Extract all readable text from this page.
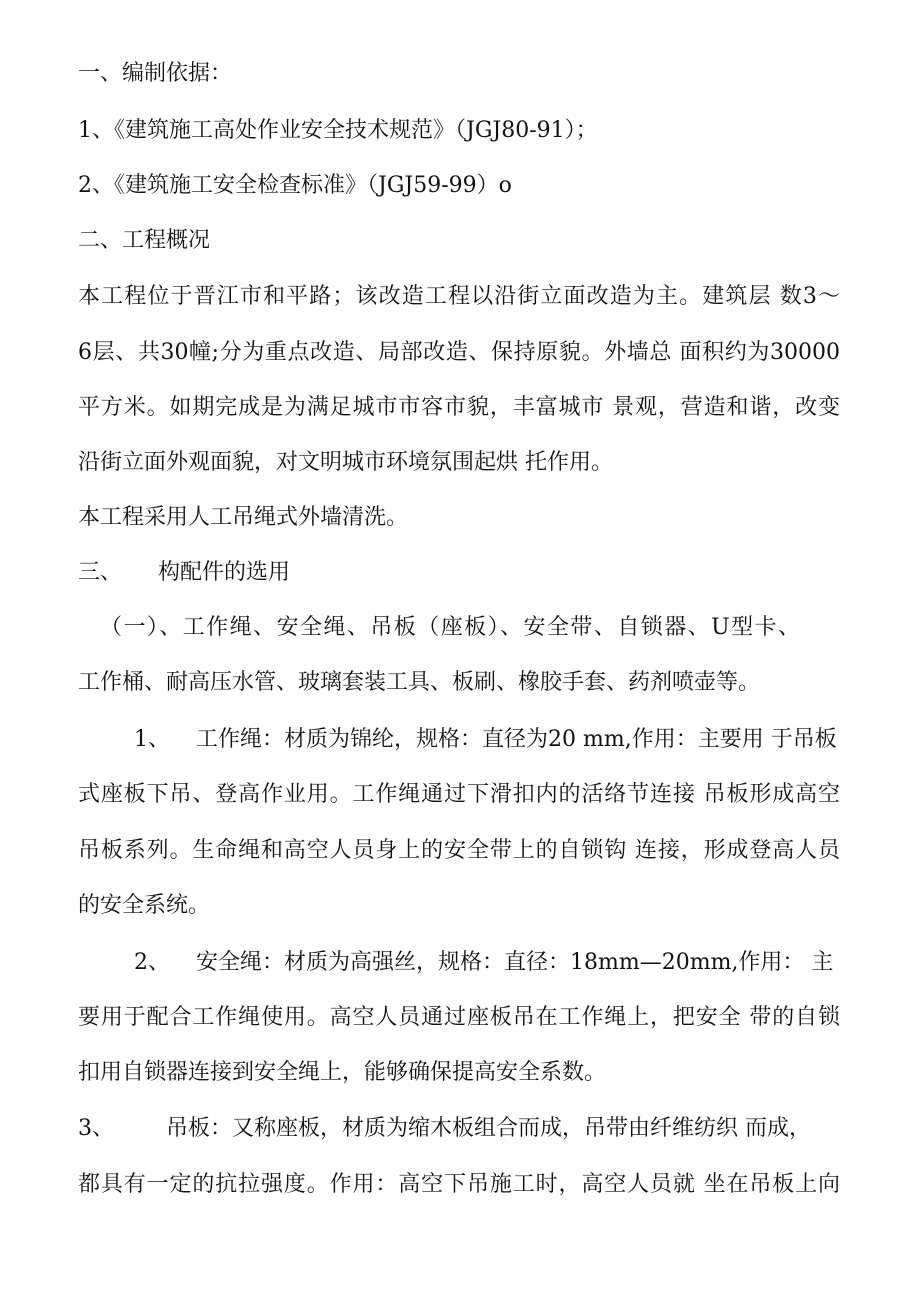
一、编制依据：
1、《建筑施工高处作业安全技术规范》（JGJ80-91）；
2、《建筑施工安全检查标准》（JGJ59-99）o
二、工程概况
本工程位于晋江市和平路；该改造工程以沿街立面改造为主。建筑层 数3～
6层、共30幢;分为重点改造、局部改造、保持原貌。外墙总 面积约为30000
平方米。如期完成是为满足城市市容市貌，丰富城市 景观，营造和谐，改变
沿街立面外观面貌，对文明城市环境氛围起烘 托作用。
本工程采用人工吊绳式外墙清洗。
三、 构配件的选用
（一）、工作绳、安全绳、吊板（座板）、安全带、自锁器、U型卡、
工作桶、耐高压水管、玻璃套装工具、板刷、橡胶手套、药剂喷壶等。
1、 工作绳：材质为锦纶，规格：直径为20 mm,作用：主要用 于吊板
式座板下吊、登高作业用。工作绳通过下滑扣内的活络节连接 吊板形成高空
吊板系列。生命绳和高空人员身上的安全带上的自锁钩 连接，形成登高人员
的安全系统。
2、 安全绳：材质为高强丝，规格：直径：18mm—20mm,作用： 主
要用于配合工作绳使用。高空人员通过座板吊在工作绳上，把安全 带的自锁
扣用自锁器连接到安全绳上，能够确保提高安全系数。
3、 吊板：又称座板，材质为缩木板组合而成，吊带由纤维纺织 而成，
都具有一定的抗拉强度。作用：高空下吊施工时，高空人员就 坐在吊板上向
